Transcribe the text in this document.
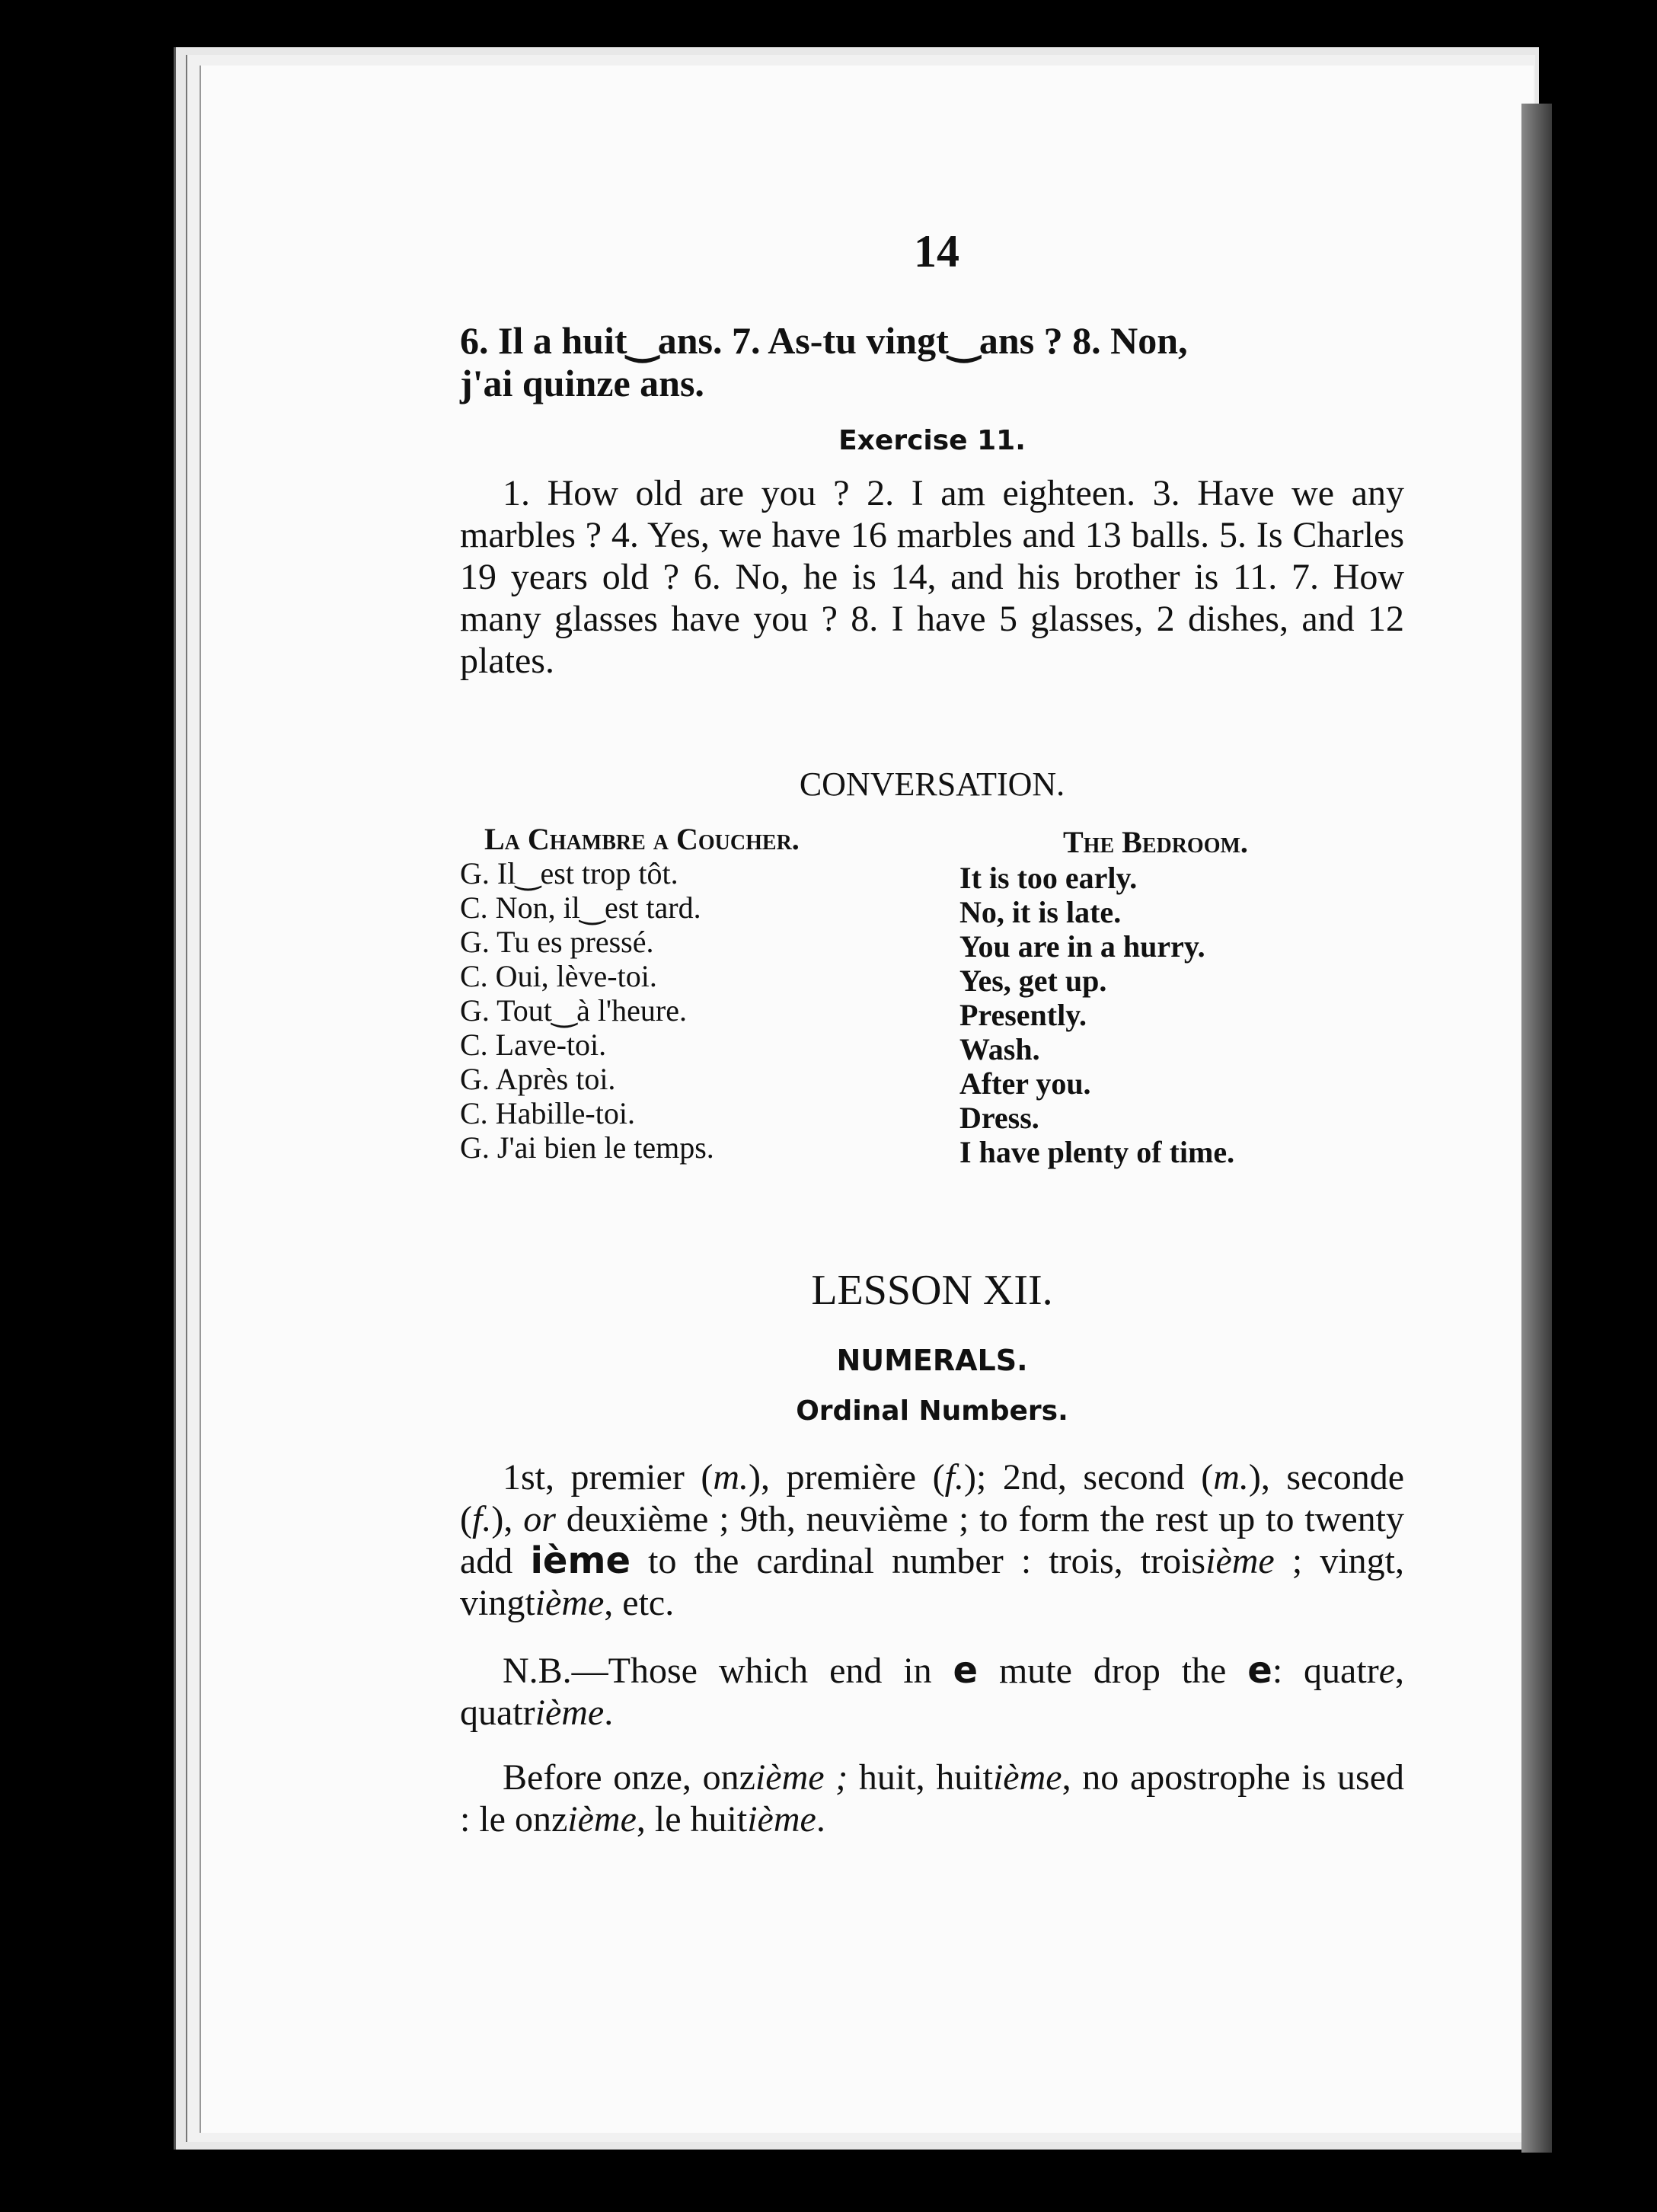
14
6. Il a huit‿ans. 7. As-tu vingt‿ans ? 8. Non,
j'ai quinze ans.
Exercise 11.
1. How old are you ? 2. I am eighteen. 3. Have we any marbles ? 4. Yes, we have 16 marbles and 13 balls. 5. Is Charles 19 years old ? 6. No, he is 14, and his brother is 11. 7. How many glasses have you ? 8. I have 5 glasses, 2 dishes, and 12 plates.
CONVERSATION.
La Chambre a Coucher.	The Bedroom.
G. Il‿est trop tôt.
C. Non, il‿est tard.
G. Tu es pressé.
C. Oui, lève-toi.
G. Tout‿à l'heure.
C. Lave-toi.
G. Après toi.
C. Habille-toi.
G. J'ai bien le temps.
It is too early.
No, it is late.
You are in a hurry.
Yes, get up.
Presently.
Wash.
After you.
Dress.
I have plenty of time.
LESSON XII.
NUMERALS.
Ordinal Numbers.
1st, premier (m.), première (f.); 2nd, second (m.), seconde (f.), or deuxième ; 9th, neuvième ; to form the rest up to twenty add ième to the cardinal number : trois, troisième ; vingt, vingtième, etc.
N.B.—Those which end in e mute drop the e: quatre, quatrième.
Before onze, onzième ; huit, huitième, no apostrophe is used : le onzième, le huitième.
